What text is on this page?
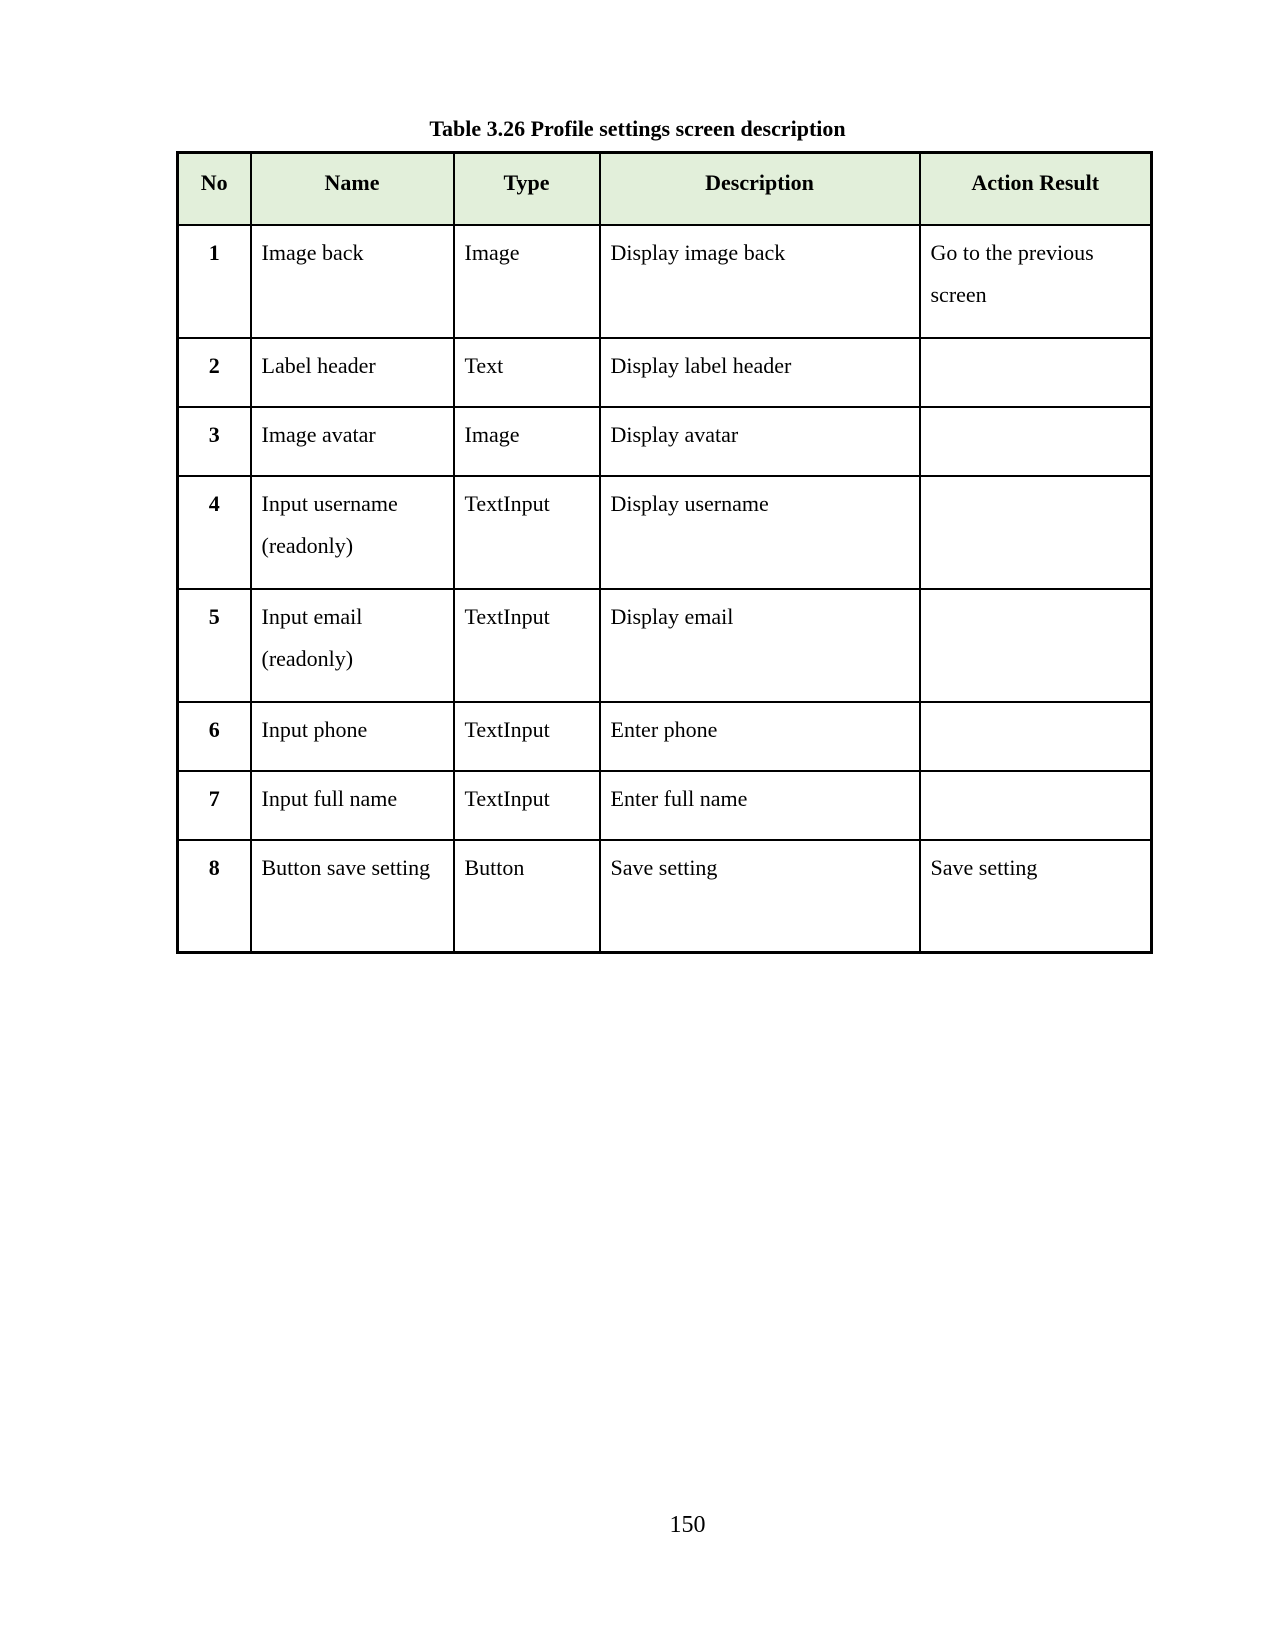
Table 3.26 Profile settings screen description
No	Name	Type	Description	Action Result
1	Image back	Image	Display image back	Go to the previous screen
2	Label header	Text	Display label header	
3	Image avatar	Image	Display avatar	
4	Input username (readonly)	TextInput	Display username	
5	Input email (readonly)	TextInput	Display email	
6	Input phone	TextInput	Enter phone	
7	Input full name	TextInput	Enter full name	
8	Button save setting	Button	Save setting	Save setting
150
